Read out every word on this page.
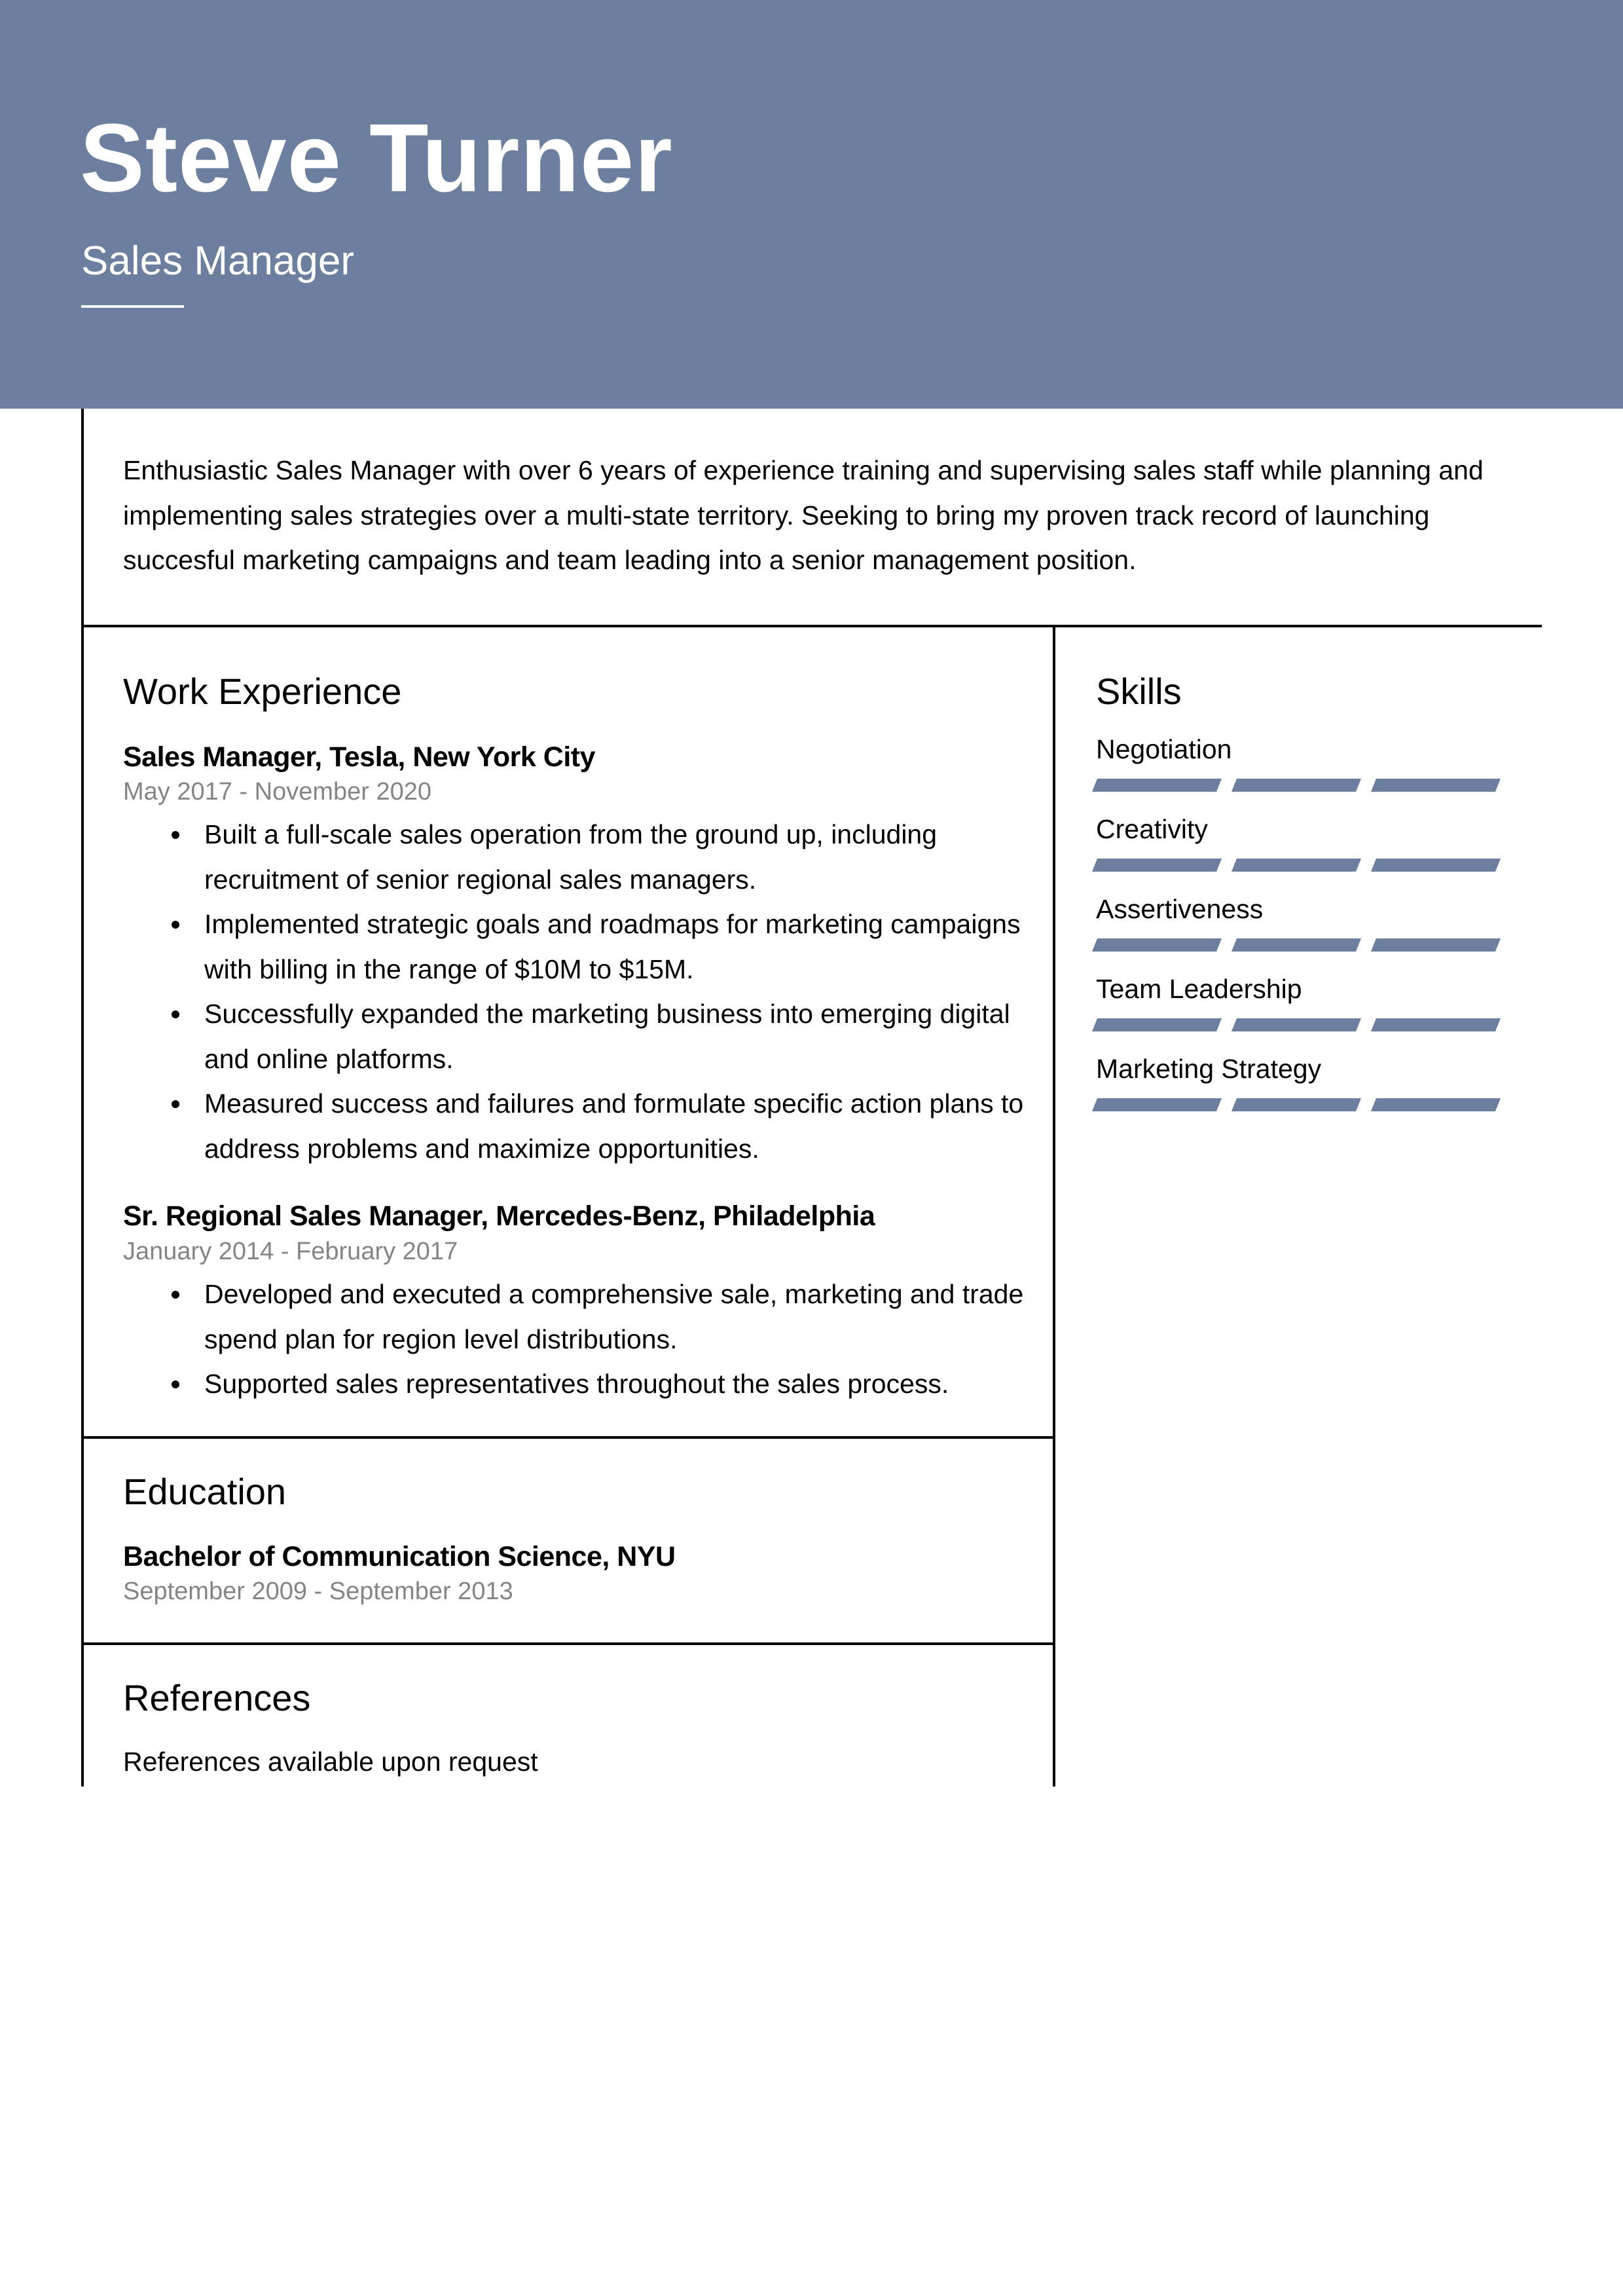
Steve Turner
Sales Manager
Enthusiastic Sales Manager with over 6 years of experience training and supervising sales staff while planning and implementing sales strategies over a multi-state territory. Seeking to bring my proven track record of launching succesful marketing campaigns and team leading into a senior management position.
Work Experience
Sales Manager, Tesla, New York City
May 2017 - November 2020
Built a full-scale sales operation from the ground up, including recruitment of senior regional sales managers.
Implemented strategic goals and roadmaps for marketing campaigns with billing in the range of $10M to $15M.
Successfully expanded the marketing business into emerging digital and online platforms.
Measured success and failures and formulate specific action plans to address problems and maximize opportunities.
Sr. Regional Sales Manager, Mercedes-Benz, Philadelphia
January 2014 - February 2017
Developed and executed a comprehensive sale, marketing and trade spend plan for region level distributions.
Supported sales representatives throughout the sales process.
Education
Bachelor of Communication Science, NYU
September 2009 - September 2013
References
References available upon request
Skills
Negotiation
Creativity
Assertiveness
Team Leadership
Marketing Strategy
